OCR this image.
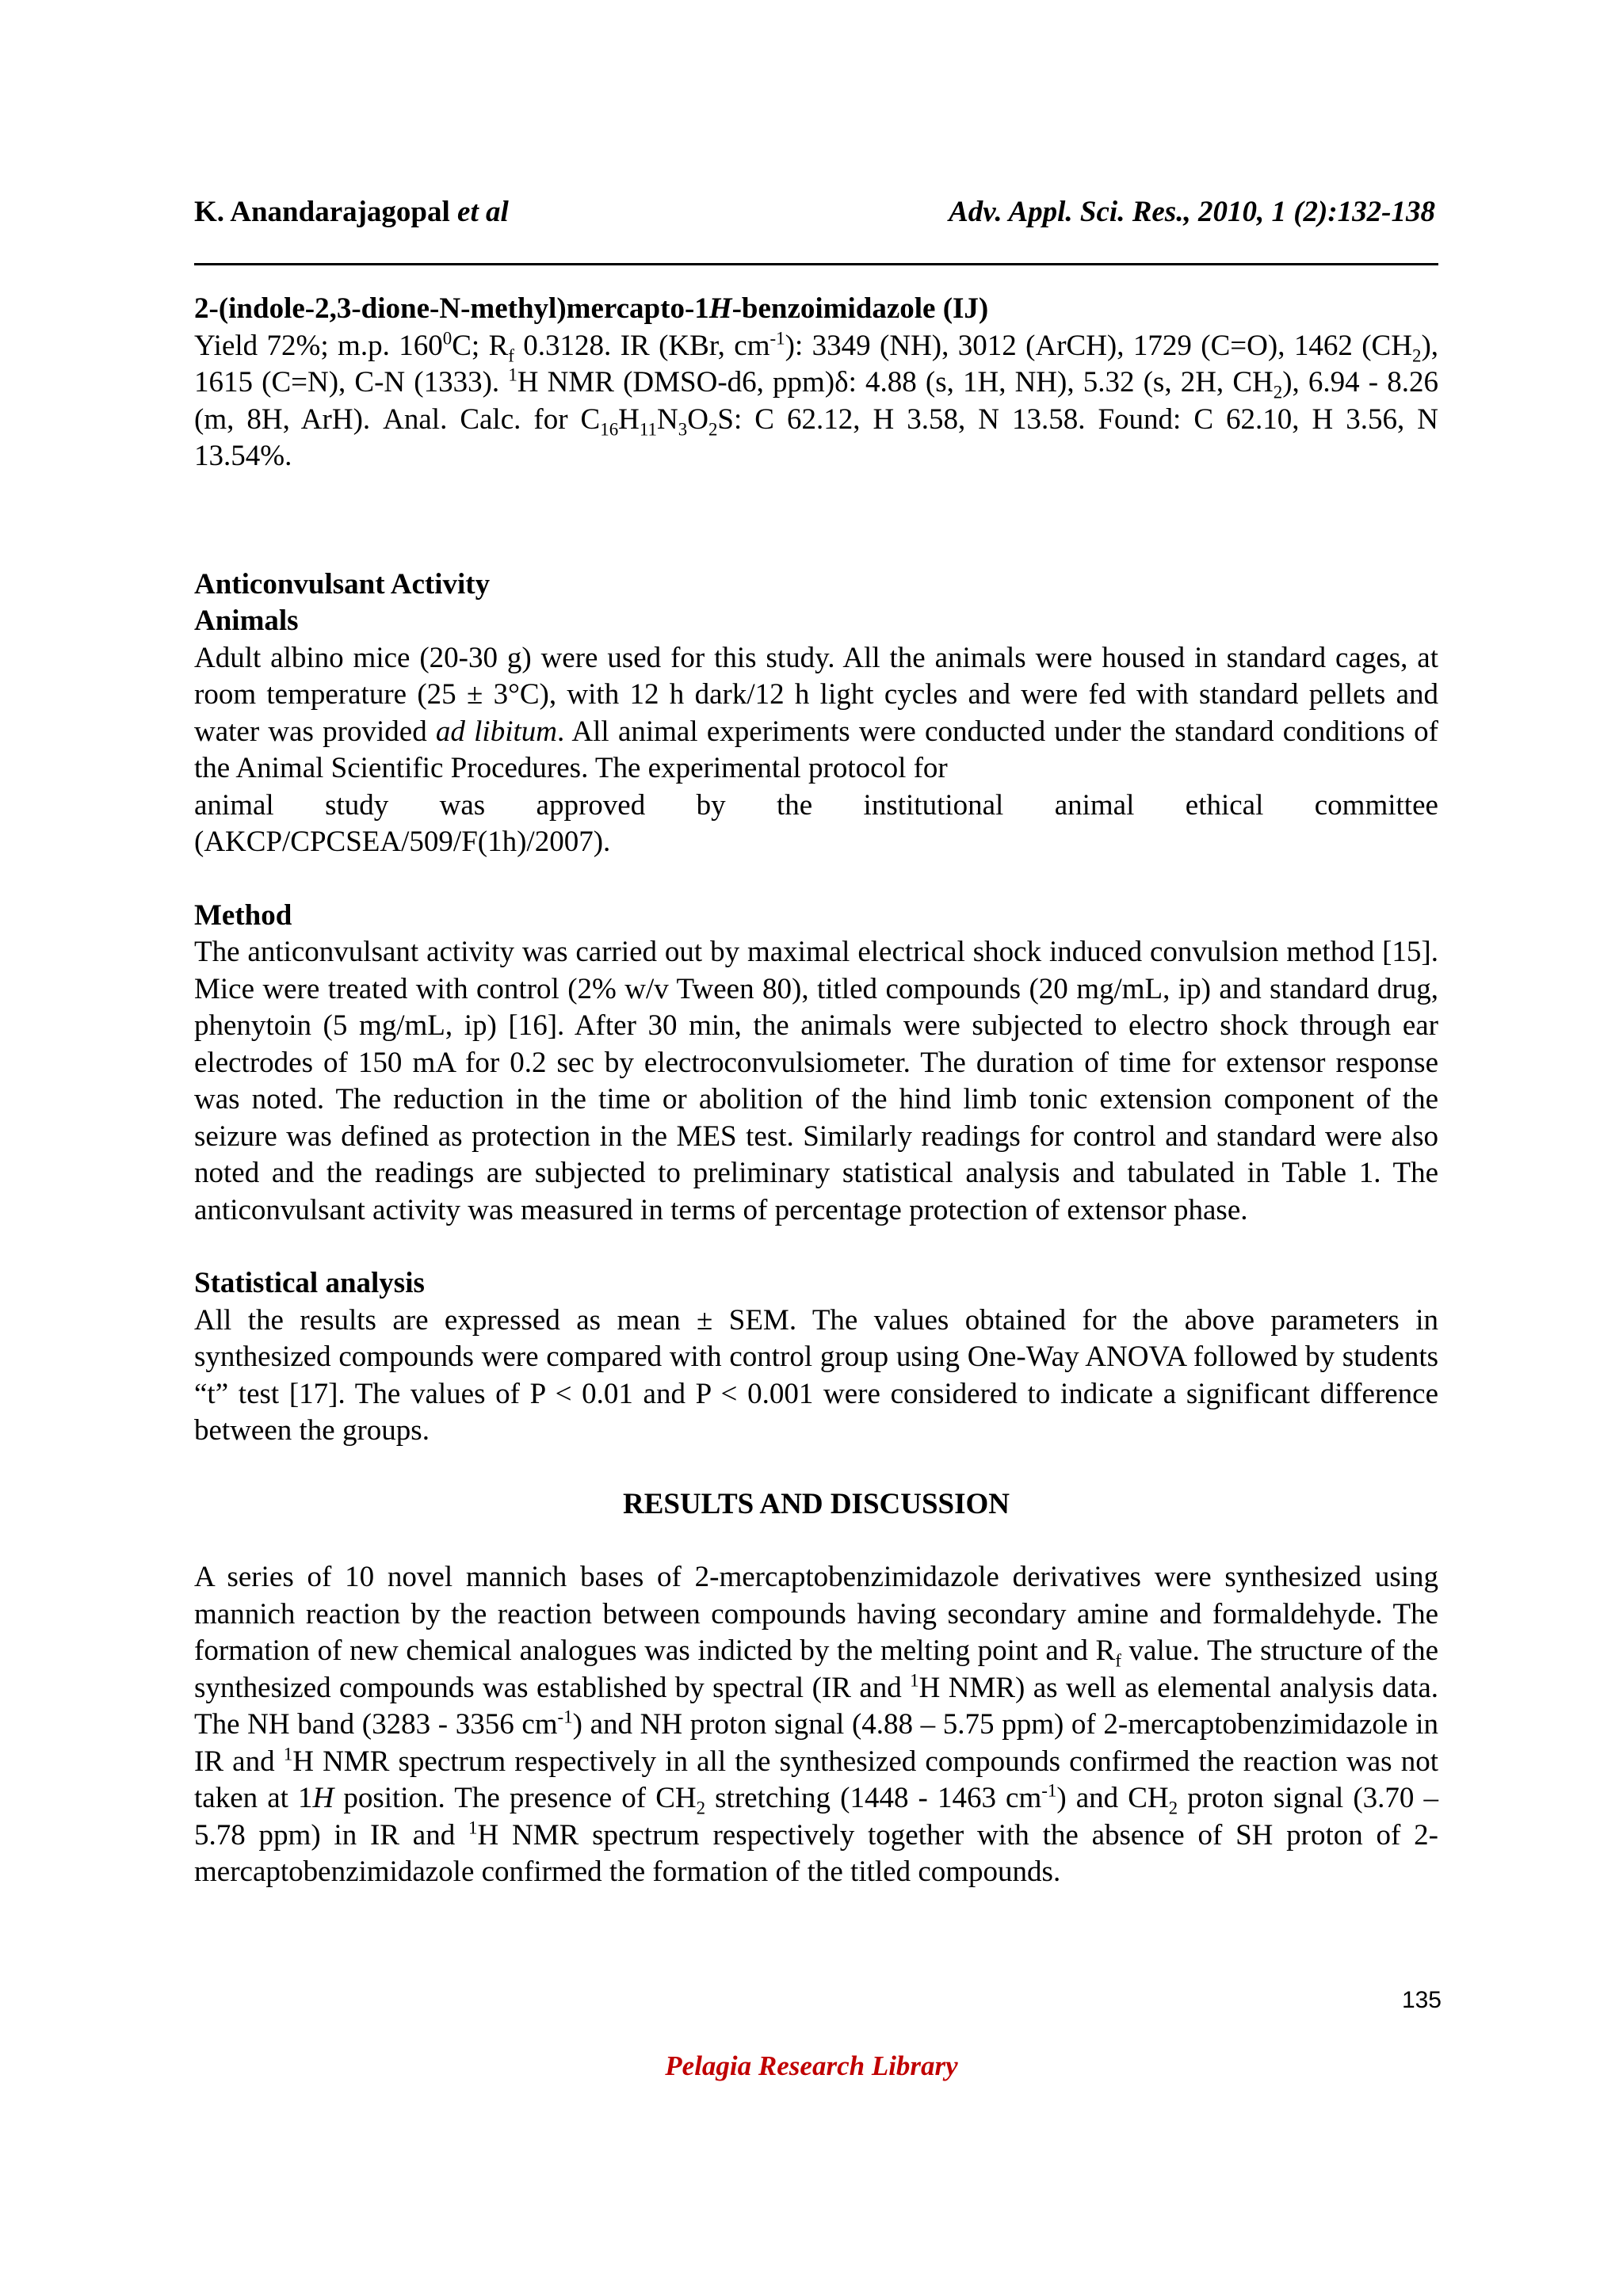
K. Anandarajagopal et al	Adv. Appl. Sci. Res., 2010, 1 (2):132-138
2-(indole-2,3-dione-N-methyl)mercapto-1H-benzoimidazole (IJ)

Yield 72%; m.p. $160^0C$; $R_f$ 0.3128. IR (KBr, $cm^{-1}$): 3349 (NH), 3012 (ArCH), 1729 (C=O), 1462 $(CH_2)$, 1615 (C=N), C-N (1333). $^1$H NMR (DMSO-d6, ppm)δ: 4.88 (s, 1H, NH), 5.32 (s, 2H, $CH_2$), 6.94 - 8.26 (m, 8H, ArH). Anal. Calc. for $C_{16}H_{11}N_3O_2S$: C 62.12, H 3.58, N 13.58. Found: C 62.10, H 3.56, N 13.54%.

Anticonvulsant Activity
Animals

Adult albino mice (20-30 g) were used for this study. All the animals were housed in standard cages, at room temperature (25 ± 3°C), with 12 h dark/12 h light cycles and were fed with standard pellets and water was provided ad libitum. All animal experiments were conducted under the standard conditions of the Animal Scientific Procedures. The experimental protocol for

animal study was approved by the institutional animal ethical committee

(AKCP/CPCSEA/509/F(1h)/2007).

Method

The anticonvulsant activity was carried out by maximal electrical shock induced convulsion method [15]. Mice were treated with control (2% w/v Tween 80), titled compounds (20 mg/mL, ip) and standard drug, phenytoin (5 mg/mL, ip) [16]. After 30 min, the animals were subjected to electro shock through ear electrodes of 150 mA for 0.2 sec by electroconvulsiometer. The duration of time for extensor response was noted. The reduction in the time or abolition of the hind limb tonic extension component of the seizure was defined as protection in the MES test. Similarly readings for control and standard were also noted and the readings are subjected to preliminary statistical analysis and tabulated in Table 1. The anticonvulsant activity was measured in terms of percentage protection of extensor phase.

Statistical analysis

All the results are expressed as mean ± SEM. The values obtained for the above parameters in synthesized compounds were compared with control group using One-Way ANOVA followed by students “t” test [17]. The values of P < 0.01 and P < 0.001 were considered to indicate a significant difference between the groups.

RESULTS AND DISCUSSION

A series of 10 novel mannich bases of 2-mercaptobenzimidazole derivatives were synthesized using mannich reaction by the reaction between compounds having secondary amine and formaldehyde. The formation of new chemical analogues was indicted by the melting point and $R_f$ value. The structure of the synthesized compounds was established by spectral (IR and $^1$H NMR) as well as elemental analysis data. The NH band (3283 - 3356 $cm^{-1}$) and NH proton signal (4.88 – 5.75 ppm) of 2-mercaptobenzimidazole in IR and $^1$H NMR spectrum respectively in all the synthesized compounds confirmed the reaction was not taken at 1H position. The presence of $CH_2$ stretching (1448 - 1463 $cm^{-1}$) and $CH_2$ proton signal (3.70 – 5.78 ppm) in IR and $^1$H NMR spectrum respectively together with the absence of SH proton of 2-mercaptobenzimidazole confirmed the formation of the titled compounds.

135
Pelagia Research Library
